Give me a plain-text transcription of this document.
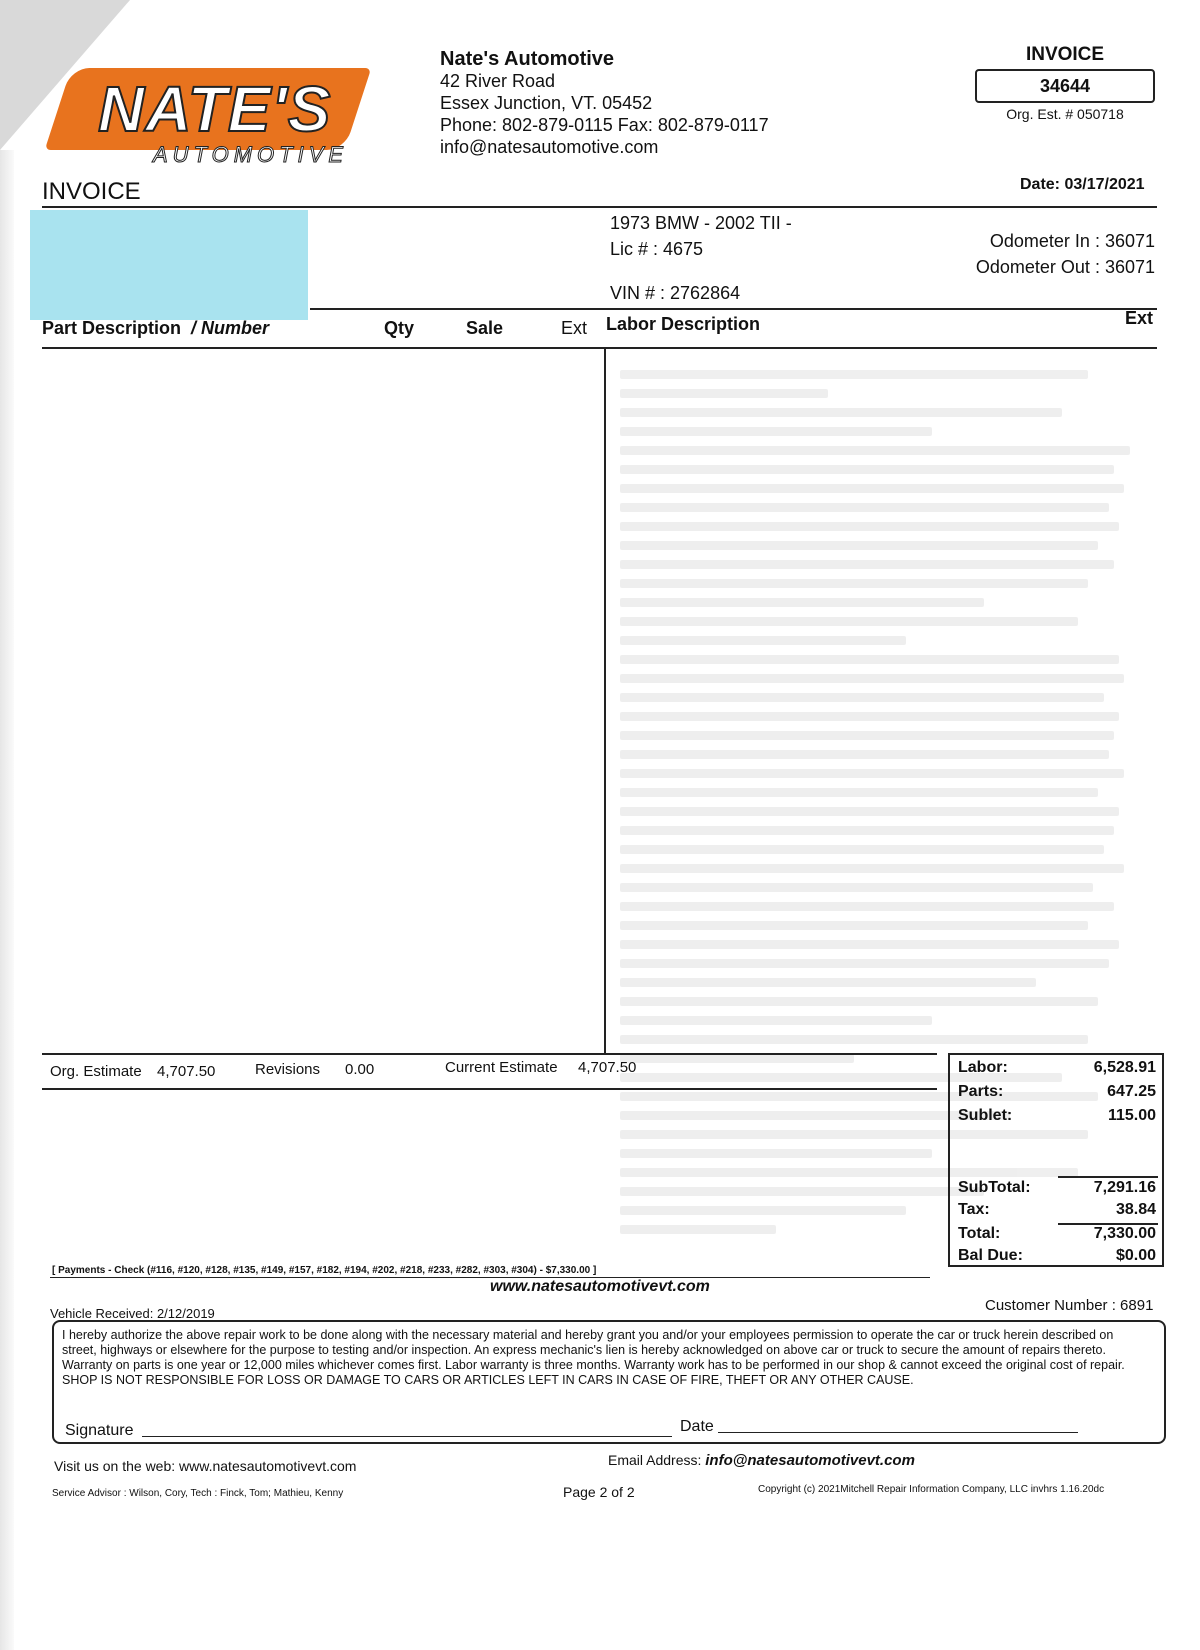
NATE'S
AUTOMOTIVE
Nate's Automotive
42 River Road
Essex Junction, VT. 05452
Phone: 802-879-0115 Fax: 802-879-0117
info@natesautomotive.com
INVOICE
34644
Org. Est. # 050718
INVOICE	Date: 03/17/2021
1973 BMW - 2002 TII -
Lic # : 4675
VIN # : 2762864
Odometer In : 36071
Odometer Out : 36071
Part Description / Number	Qty	Sale	Ext Labor Description	Ext
Org. Estimate 4,707.50	Revisions 0.00	Current Estimate 4,707.50	Labor:	6,528.91
Parts:	647.25
Sublet:	115.00
SubTotal:	7,291.16
Tax:	38.84
Total:	7,330.00
Bal Due:	$0.00
[ Payments - Check (#116, #120, #128, #135, #149, #157, #182, #194, #202, #218, #233, #282, #303, #304) - $7,330.00 ]
www.natesautomotivevt.com
Vehicle Received: 2/12/2019	Customer Number : 6891
I hereby authorize the above repair work to be done along with the necessary material and hereby grant you and/or your employees permission to operate the car or truck herein described on street, highways or elsewhere for the purpose to testing and/or inspection. An express mechanic's lien is hereby acknowledged on above car or truck to secure the amount of repairs thereto. Warranty on parts is one year or 12,000 miles whichever comes first. Labor warranty is three months. Warranty work has to be performed in our shop & cannot exceed the original cost of repair. SHOP IS NOT RESPONSIBLE FOR LOSS OR DAMAGE TO CARS OR ARTICLES LEFT IN CARS IN CASE OF FIRE, THEFT OR ANY OTHER CAUSE.
Signature	Date
Visit us on the web: www.natesautomotivevt.com	Email Address: info@natesautomotivevt.com
Service Advisor : Wilson, Cory, Tech : Finck, Tom; Mathieu, Kenny	Page 2 of 2	Copyright (c) 2021Mitchell Repair Information Company, LLC invhrs 1.16.20dc
